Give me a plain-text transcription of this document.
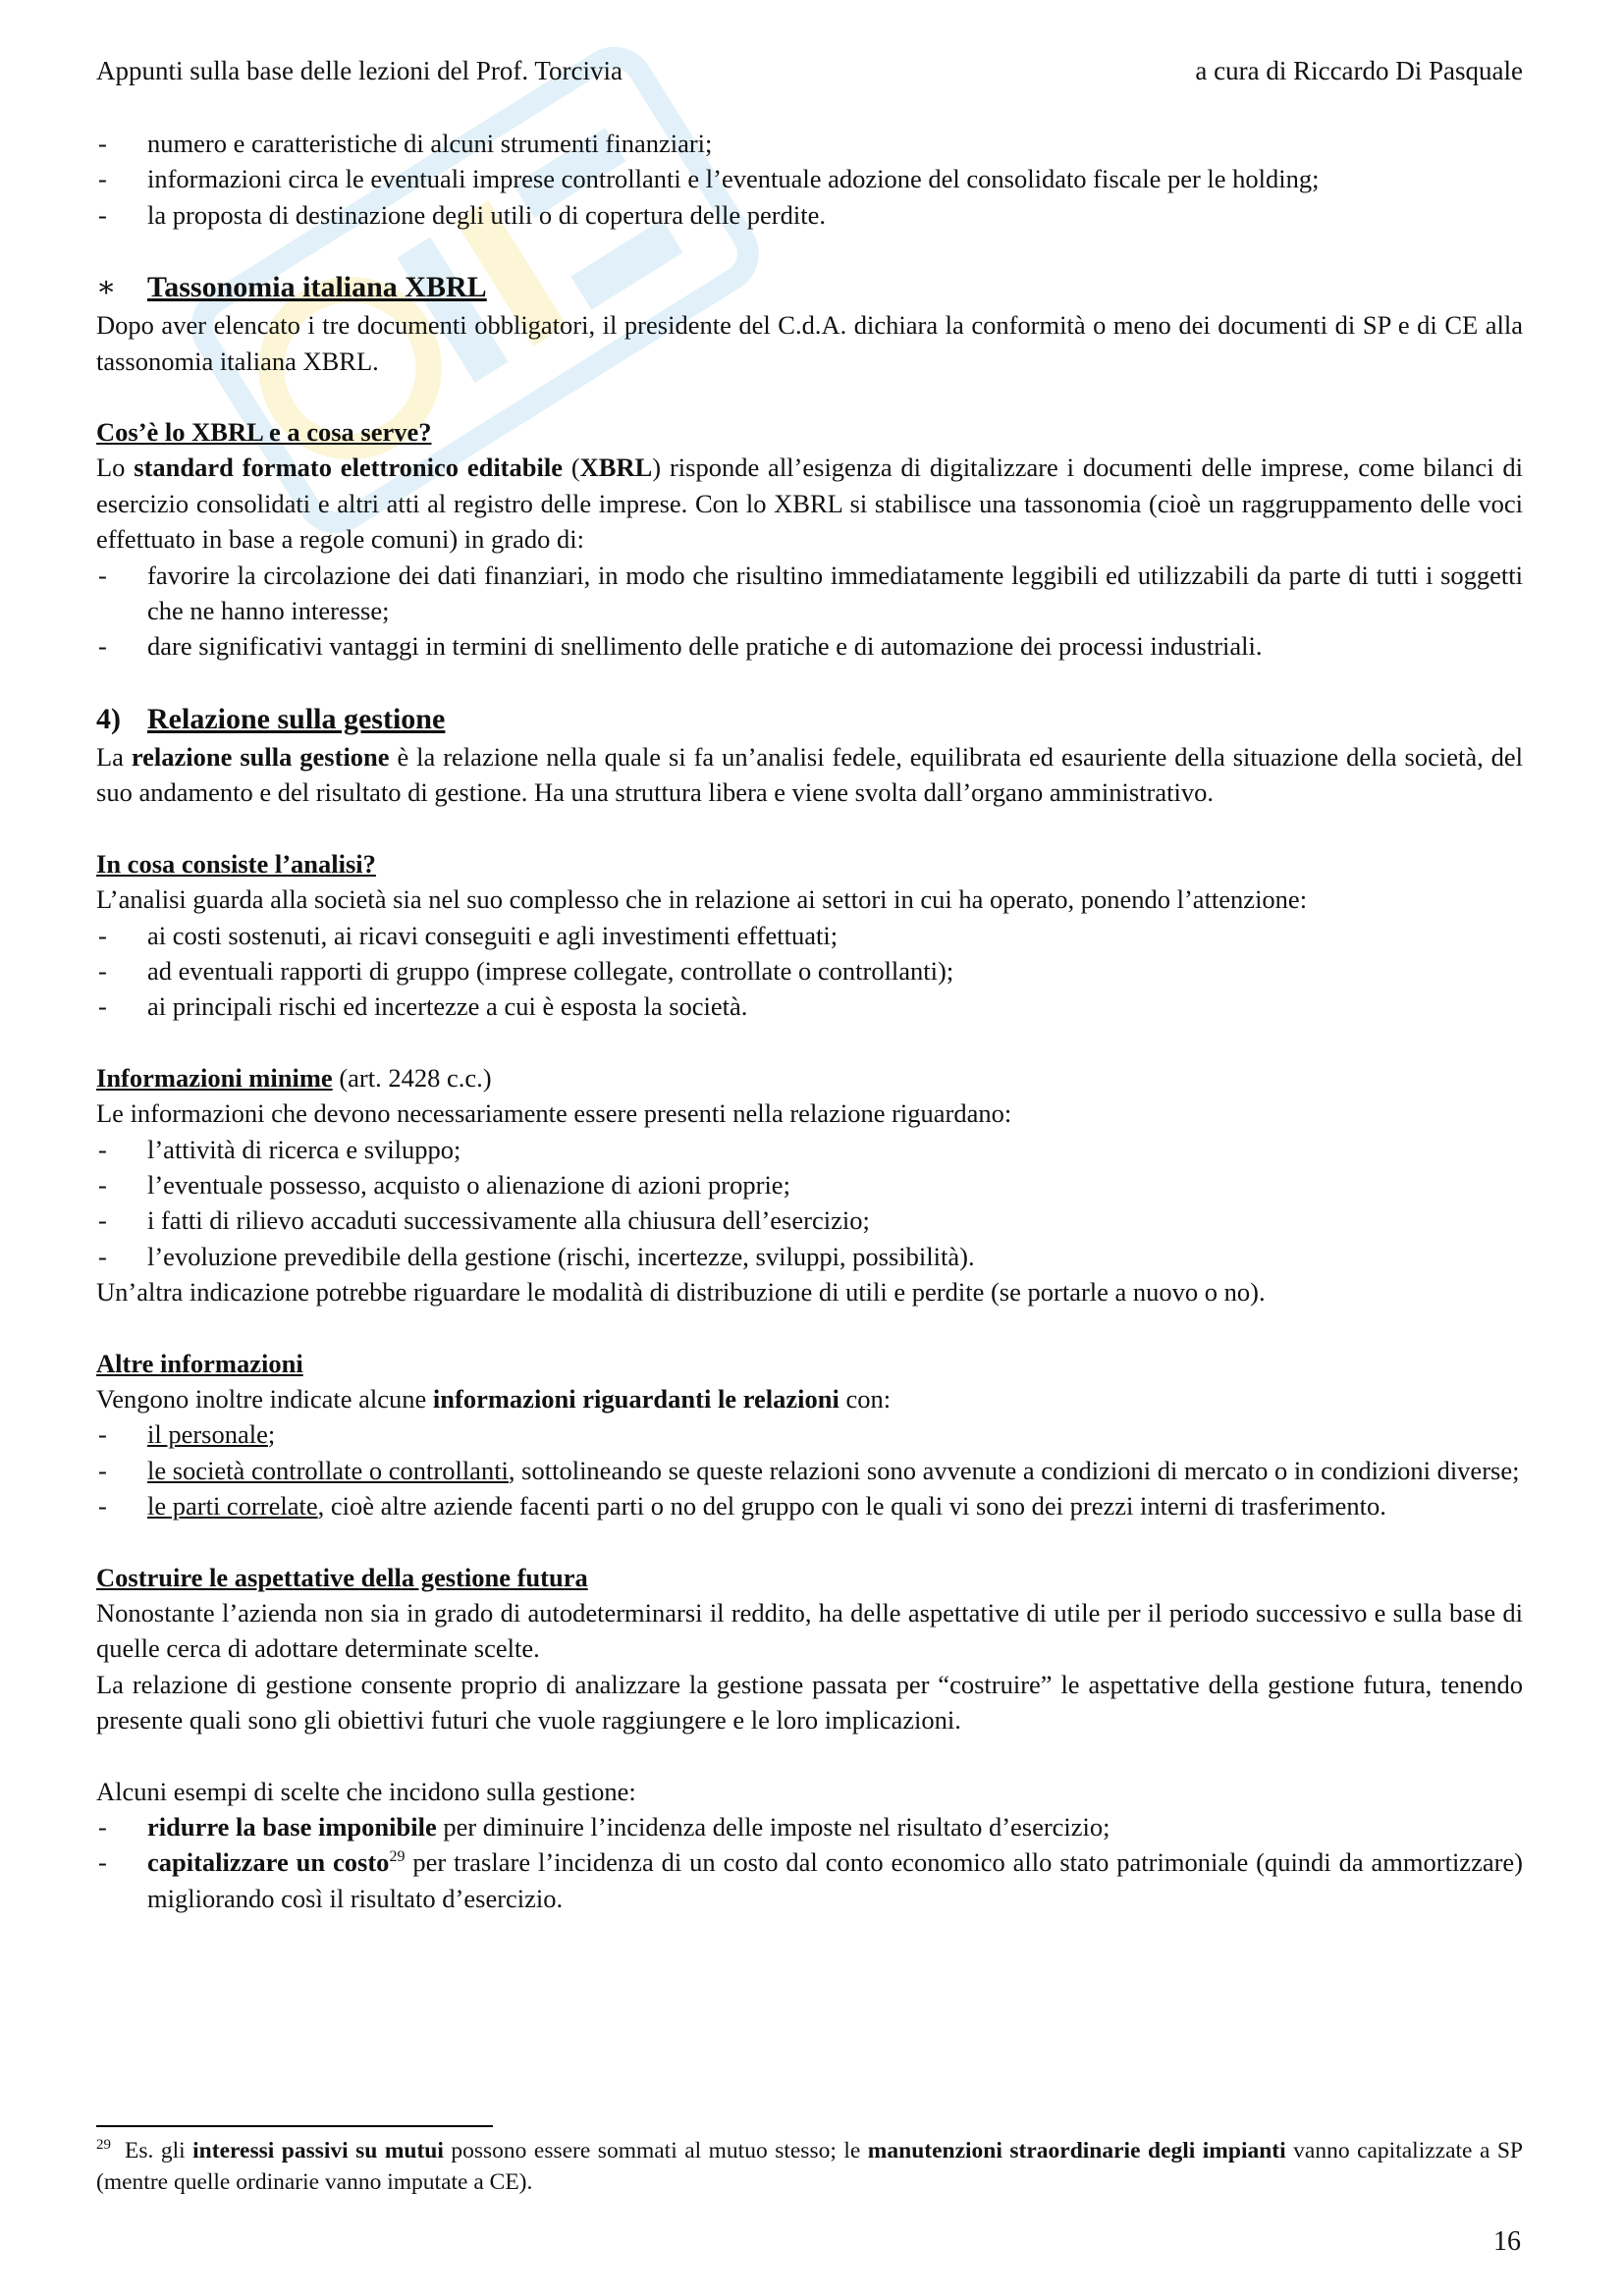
Appunti sulla base delle lezioni del Prof. Torcivia	a cura di Riccardo Di Pasquale
- numero e caratteristiche di alcuni strumenti finanziari;
- informazioni circa le eventuali imprese controllanti e l’eventuale adozione del consolidato fiscale per le holding;
- la proposta di destinazione degli utili o di copertura delle perdite.
∗ Tassonomia italiana XBRL

Dopo aver elencato i tre documenti obbligatori, il presidente del C.d.A. dichiara la conformità o meno dei documenti di SP e di CE alla tassonomia italiana XBRL.

Cos’è lo XBRL e a cosa serve?

Lo standard formato elettronico editabile (XBRL) risponde all’esigenza di digitalizzare i documenti delle imprese, come bilanci di esercizio consolidati e altri atti al registro delle imprese. Con lo XBRL si stabilisce una tassonomia (cioè un raggruppamento delle voci effettuato in base a regole comuni) in grado di:

- favorire la circolazione dei dati finanziari, in modo che risultino immediatamente leggibili ed utilizzabili da parte di tutti i soggetti che ne hanno interesse;
- dare significativi vantaggi in termini di snellimento delle pratiche e di automazione dei processi industriali.
4) Relazione sulla gestione

La relazione sulla gestione è la relazione nella quale si fa un’analisi fedele, equilibrata ed esauriente della situazione della società, del suo andamento e del risultato di gestione. Ha una struttura libera e viene svolta dall’organo amministrativo.

In cosa consiste l’analisi?

L’analisi guarda alla società sia nel suo complesso che in relazione ai settori in cui ha operato, ponendo l’attenzione:

- ai costi sostenuti, ai ricavi conseguiti e agli investimenti effettuati;
- ad eventuali rapporti di gruppo (imprese collegate, controllate o controllanti);
- ai principali rischi ed incertezze a cui è esposta la società.
Informazioni minime (art. 2428 c.c.)

Le informazioni che devono necessariamente essere presenti nella relazione riguardano:

- l’attività di ricerca e sviluppo;
- l’eventuale possesso, acquisto o alienazione di azioni proprie;
- i fatti di rilievo accaduti successivamente alla chiusura dell’esercizio;
- l’evoluzione prevedibile della gestione (rischi, incertezze, sviluppi, possibilità).

Un’altra indicazione potrebbe riguardare le modalità di distribuzione di utili e perdite (se portarle a nuovo o no).

Altre informazioni

Vengono inoltre indicate alcune informazioni riguardanti le relazioni con:

- il personale;
- le società controllate o controllanti, sottolineando se queste relazioni sono avvenute a condizioni di mercato o in condizioni diverse;
- le parti correlate, cioè altre aziende facenti parti o no del gruppo con le quali vi sono dei prezzi interni di trasferimento.
Costruire le aspettative della gestione futura

Nonostante l’azienda non sia in grado di autodeterminarsi il reddito, ha delle aspettative di utile per il periodo successivo e sulla base di quelle cerca di adottare determinate scelte.

La relazione di gestione consente proprio di analizzare la gestione passata per “costruire” le aspettative della gestione futura, tenendo presente quali sono gli obiettivi futuri che vuole raggiungere e le loro implicazioni.

Alcuni esempi di scelte che incidono sulla gestione:

- ridurre la base imponibile per diminuire l’incidenza delle imposte nel risultato d’esercizio;
- capitalizzare un costo$^{29}$ per traslare l’incidenza di un costo dal conto economico allo stato patrimoniale (quindi da ammortizzare) migliorando così il risultato d’esercizio.
$^{29}$ Es. gli interessi passivi su mutui possono essere sommati al mutuo stesso; le manutenzioni straordinarie degli impianti vanno capitalizzate a SP (mentre quelle ordinarie vanno imputate a CE).
16
